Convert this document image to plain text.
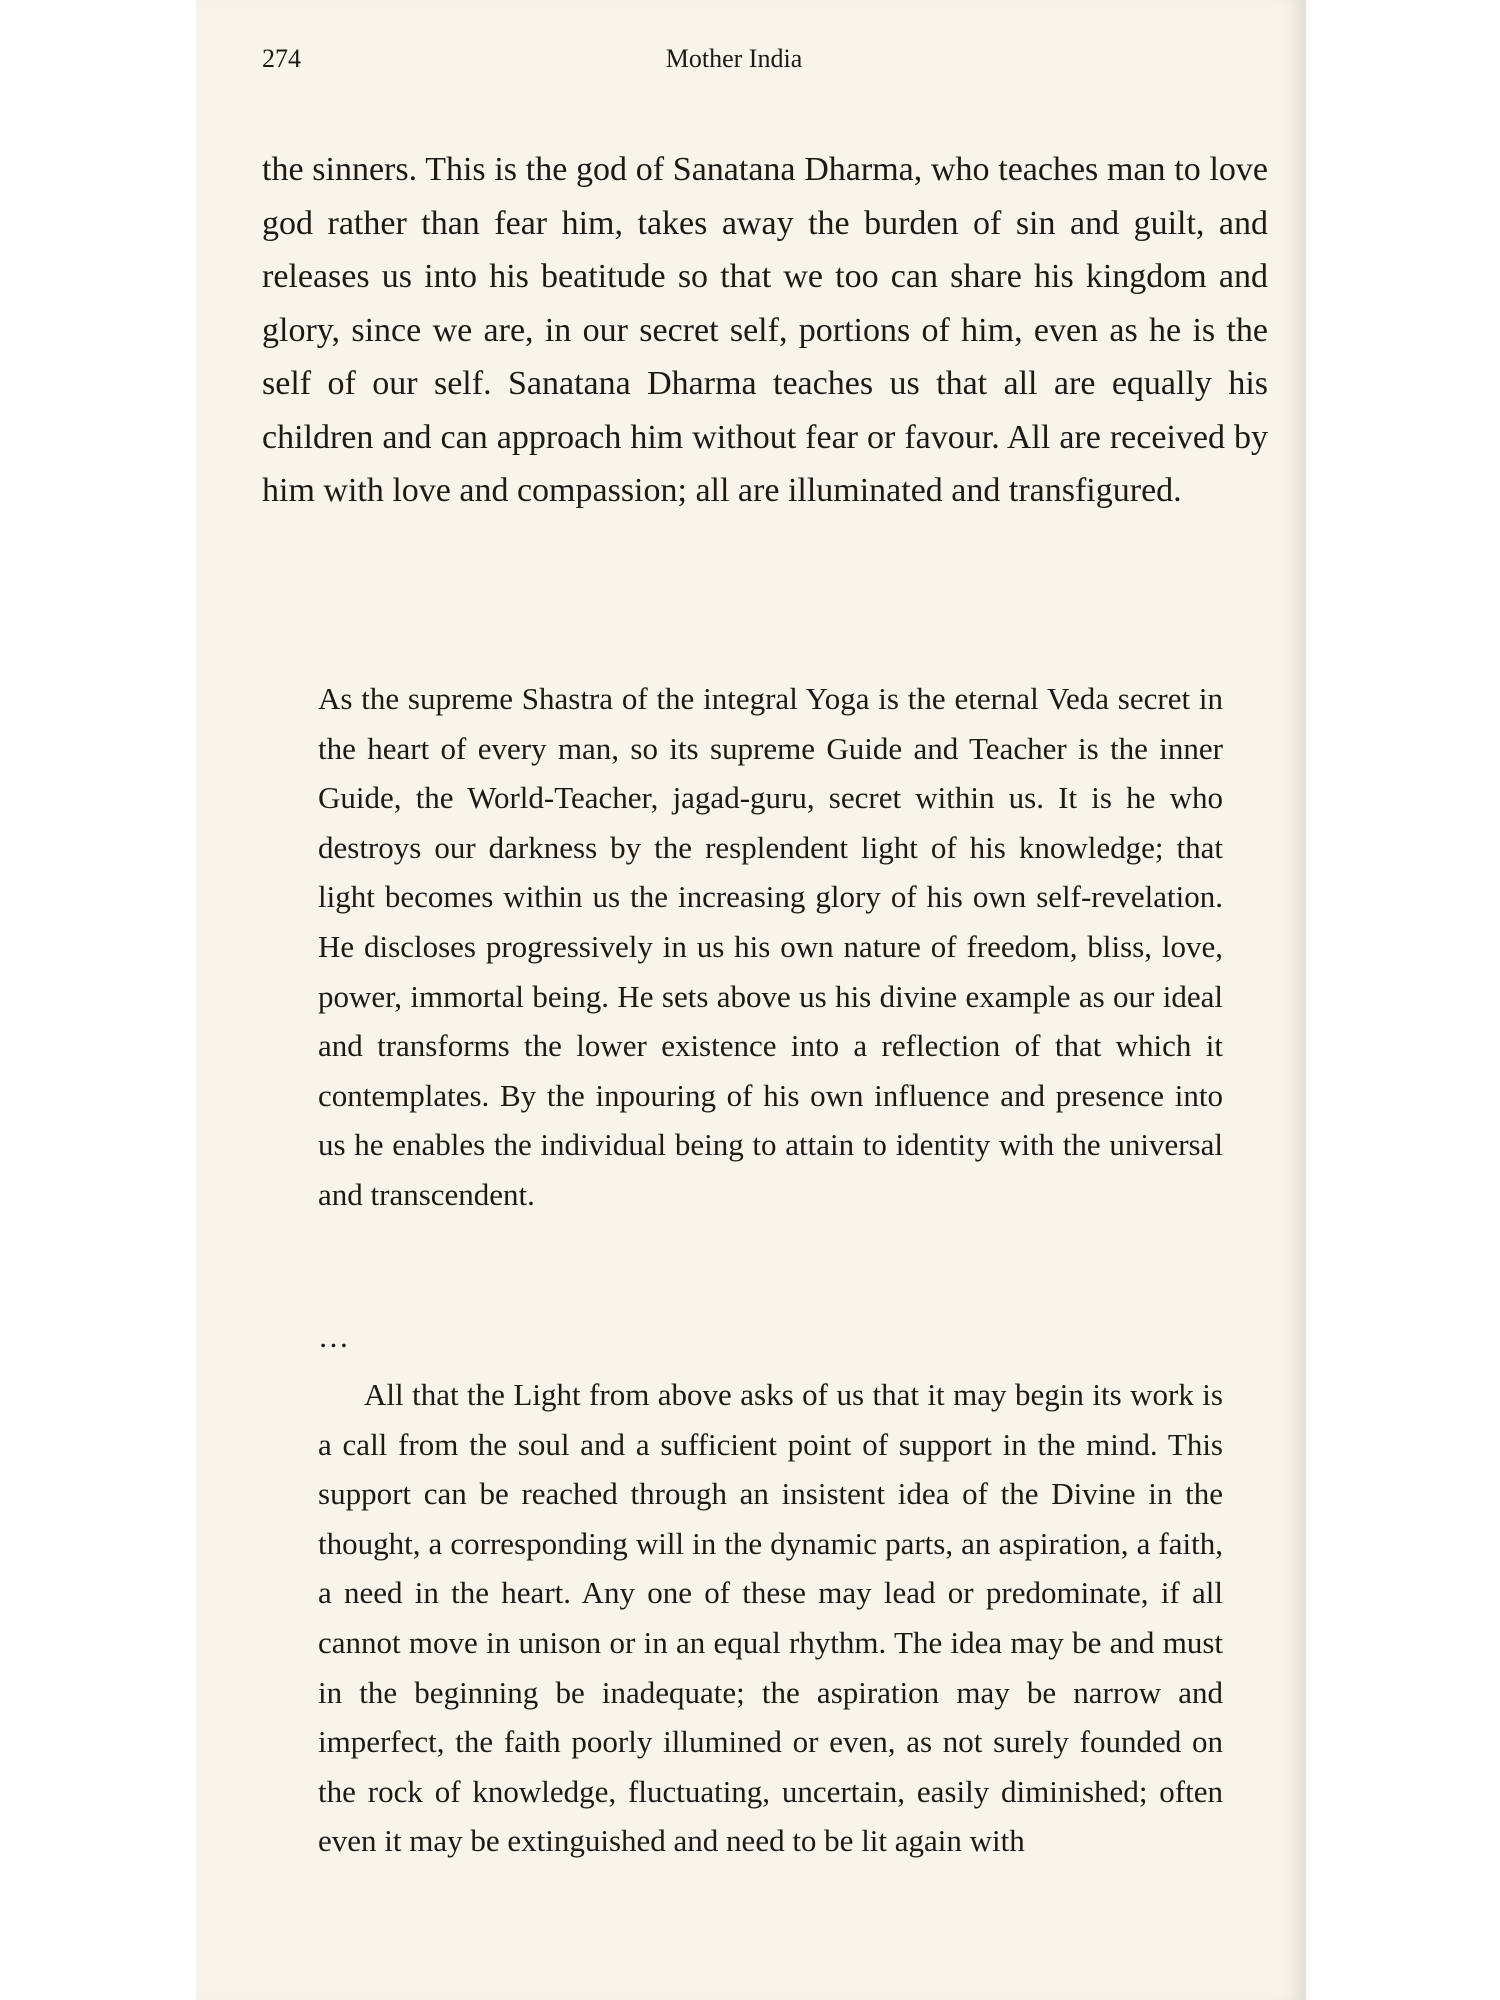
274	Mother India

the sinners. This is the god of Sanatana Dharma, who teaches man to love god rather than fear him, takes away the burden of sin and guilt, and releases us into his beatitude so that we too can share his kingdom and glory, since we are, in our secret self, portions of him, even as he is the self of our self. Sanatana Dharma teaches us that all are equally his children and can approach him without fear or favour. All are received by him with love and compassion; all are illuminated and transfigured.

As the supreme Shastra of the integral Yoga is the eternal Veda secret in the heart of every man, so its supreme Guide and Teacher is the inner Guide, the World-Teacher, jagad-guru, secret within us. It is he who destroys our darkness by the resplendent light of his knowledge; that light becomes within us the increasing glory of his own self-revelation. He discloses progressively in us his own nature of freedom, bliss, love, power, immortal being. He sets above us his divine example as our ideal and transforms the lower existence into a reflection of that which it contemplates. By the inpouring of his own influence and presence into us he enables the individual being to attain to identity with the universal and transcendent.

…

All that the Light from above asks of us that it may begin its work is a call from the soul and a sufficient point of support in the mind. This support can be reached through an insistent idea of the Divine in the thought, a corresponding will in the dynamic parts, an aspiration, a faith, a need in the heart. Any one of these may lead or predominate, if all cannot move in unison or in an equal rhythm. The idea may be and must in the beginning be inadequate; the aspiration may be narrow and imperfect, the faith poorly illumined or even, as not surely founded on the rock of knowledge, fluctuating, uncertain, easily diminished; often even it may be extinguished and need to be lit again with
